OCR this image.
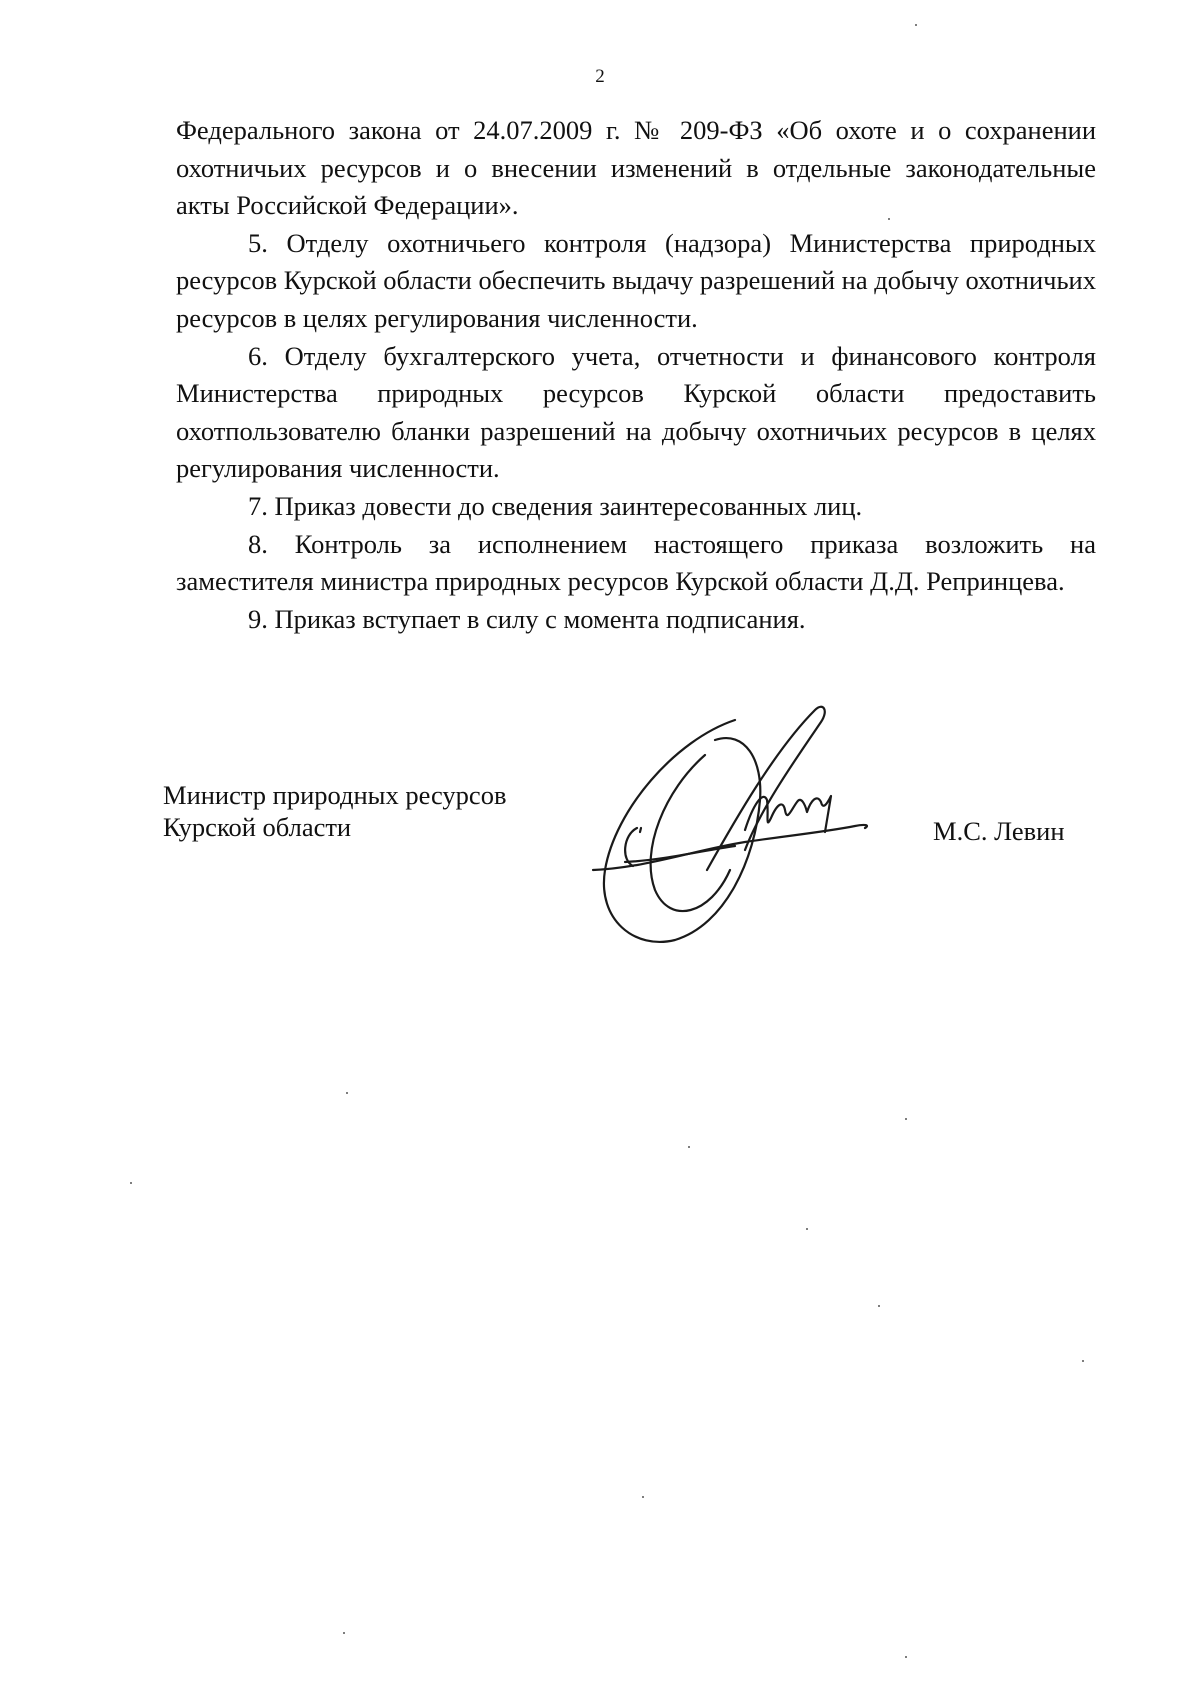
2

Федерального закона от 24.07.2009 г. № 209-ФЗ «Об охоте и о сохранении охотничьих ресурсов и о внесении изменений в отдельные законодательные акты Российской Федерации».

5. Отделу охотничьего контроля (надзора) Министерства природных ресурсов Курской области обеспечить выдачу разрешений на добычу охотничьих ресурсов в целях регулирования численности.

6. Отделу бухгалтерского учета, отчетности и финансового контроля Министерства природных ресурсов Курской области предоставить охотпользователю бланки разрешений на добычу охотничьих ресурсов в целях регулирования численности.

7. Приказ довести до сведения заинтересованных лиц.

8. Контроль за исполнением настоящего приказа возложить на заместителя министра природных ресурсов Курской области Д.Д. Репринцева.

9. Приказ вступает в силу с момента подписания.

Министр природных ресурсов
Курской области	М.С. Левин
